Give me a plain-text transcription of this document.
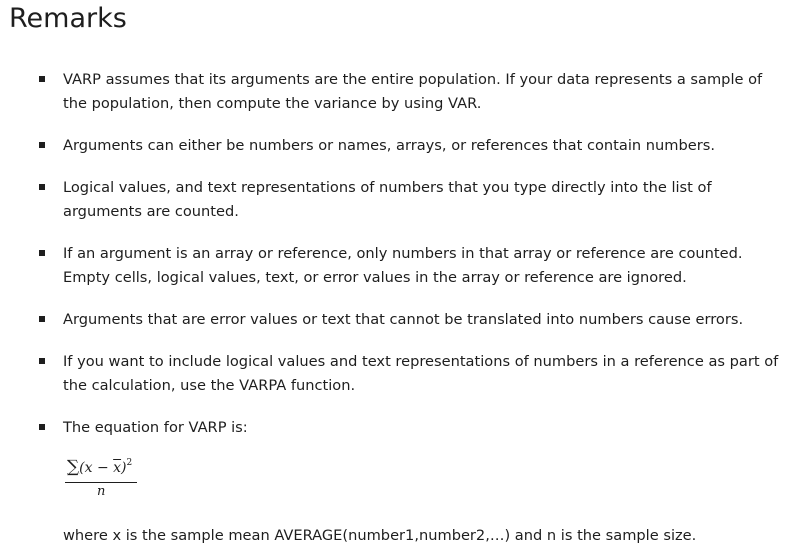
Remarks
VARP assumes that its arguments are the entire population. If your data represents a sample of the population, then compute the variance by using VAR.
Arguments can either be numbers or names, arrays, or references that contain numbers.
Logical values, and text representations of numbers that you type directly into the list of arguments are counted.
If an argument is an array or reference, only numbers in that array or reference are counted. Empty cells, logical values, text, or error values in the array or reference are ignored.
Arguments that are error values or text that cannot be translated into numbers cause errors.
If you want to include logical values and text representations of numbers in a reference as part of the calculation, use the VARPA function.
The equation for VARP is:
$\sum(x - \overline{x})^2$
n
where x is the sample mean AVERAGE(number1,number2,…) and n is the sample size.
